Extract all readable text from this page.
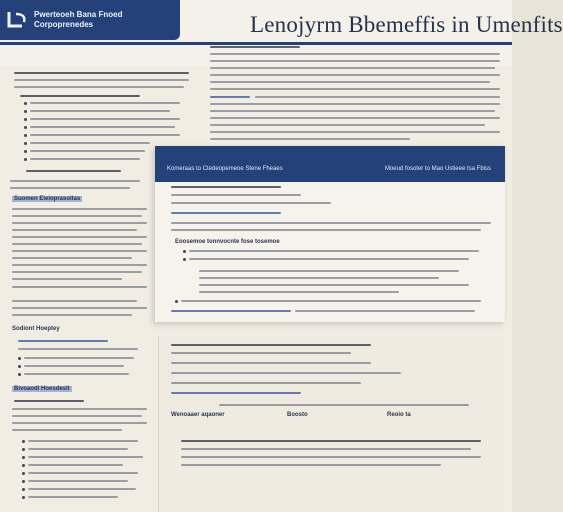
Pwerteoeh Bana Fnoed
Corpoprenedes	Lenojyrm Bbemeffis in Umenfits
Suomen Eleioprasoitas
Sodiont Hoeptey
Bivoaodl Hoesdeslt
Komeraas to Ctedeopemeoe Stene Fheaes	Moeud fosoter to Mao Ustieee tsa Fbiss
Eoosemoe tonnvocnte fose tosemoe
Wenoaaer aqaoner	Boosto	Reoio ta
